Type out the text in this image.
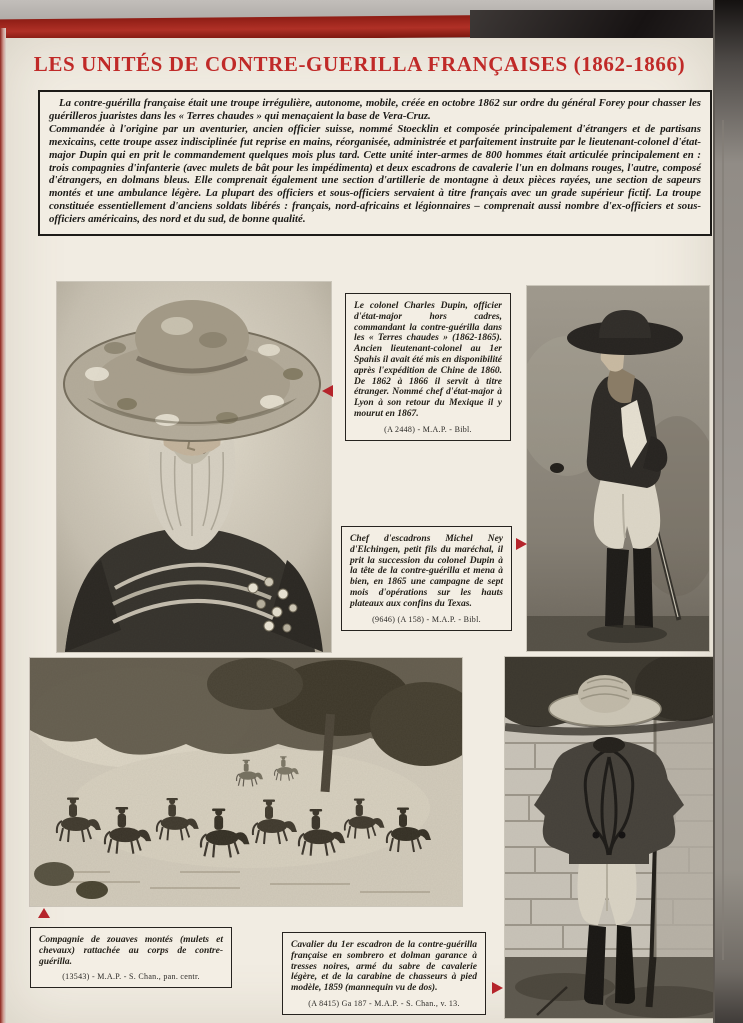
LES UNITÉS DE CONTRE-GUERILLA FRANÇAISES (1862-1866)

La contre-guérilla française était une troupe irrégulière, autonome, mobile, créée en octobre 1862 sur ordre du général Forey pour chasser les guérilleros juaristes dans les « Terres chaudes » qui menaçaient la base de Vera-Cruz.

Commandée à l'origine par un aventurier, ancien officier suisse, nommé Stoecklin et composée principalement d'étrangers et de partisans mexicains, cette troupe assez indisciplinée fut reprise en mains, réorganisée, administrée et parfaitement instruite par le lieutenant-colonel d'état-major Dupin qui en prit le commandement quelques mois plus tard. Cette unité inter-armes de 800 hommes était articulée principalement en : trois compagnies d'infanterie (avec mulets de bât pour les impédimenta) et deux escadrons de cavalerie l'un en dolmans rouges, l'autre, composé d'étrangers, en dolmans bleus. Elle comprenait également une section d'artillerie de montagne à deux pièces rayées, une section de sapeurs montés et une ambulance légère. La plupart des officiers et sous-officiers servaient à titre français avec un grade supérieur fictif. La troupe constituée essentiellement d'anciens soldats libérés : français, nord-africains et légionnaires – comprenait aussi nombre d'ex-officiers et sous-officiers américains, des nord et du sud, de bonne qualité.

Le colonel Charles Dupin, officier d'état-major hors cadres, commandant la contre-guérilla dans les « Terres chaudes » (1862-1865). Ancien lieutenant-colonel au 1er Spahis il avait été mis en disponibilité après l'expédition de Chine de 1860. De 1862 à 1866 il servit à titre étranger. Nommé chef d'état-major à Lyon à son retour du Mexique il y mourut en 1867.

(A 2448) - M.A.P. - Bibl.

Chef d'escadrons Michel Ney d'Elchingen, petit fils du maréchal, il prit la succession du colonel Dupin à la tête de la contre-guérilla et mena à bien, en 1865 une campagne de sept mois d'opérations sur les hauts plateaux aux confins du Texas.

(9646) (A 158) - M.A.P. - Bibl.

Compagnie de zouaves montés (mulets et chevaux) rattachée au corps de contre-guérilla.

(13543) - M.A.P. - S. Chan., pan. centr.

Cavalier du 1er escadron de la contre-guérilla française en sombrero et dolman garance à tresses noires, armé du sabre de cavalerie légère, et de la carabine de chasseurs à pied modèle, 1859 (mannequin vu de dos).

(A 8415) Ga 187 - M.A.P. - S. Chan., v. 13.
